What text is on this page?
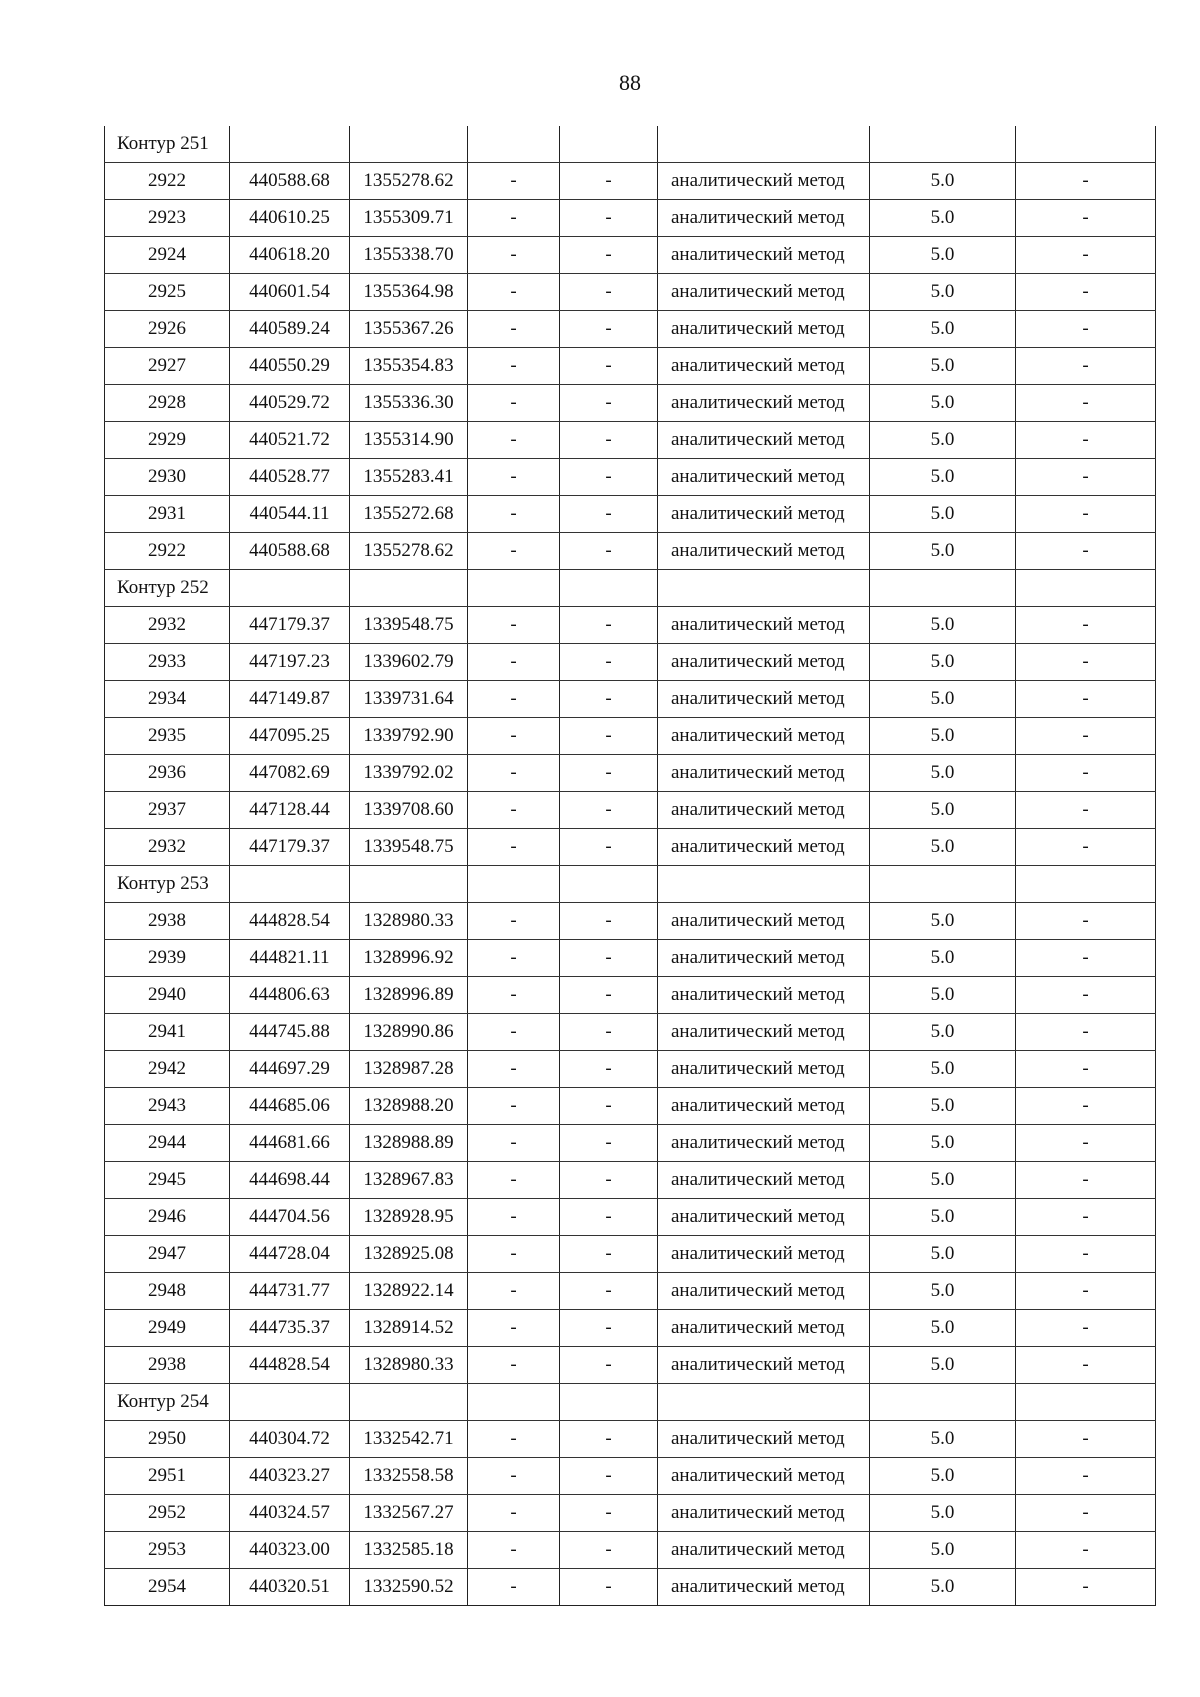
88
Контур 251							
2922	440588.68	1355278.62	-	-	аналитический метод	5.0	-
2923	440610.25	1355309.71	-	-	аналитический метод	5.0	-
2924	440618.20	1355338.70	-	-	аналитический метод	5.0	-
2925	440601.54	1355364.98	-	-	аналитический метод	5.0	-
2926	440589.24	1355367.26	-	-	аналитический метод	5.0	-
2927	440550.29	1355354.83	-	-	аналитический метод	5.0	-
2928	440529.72	1355336.30	-	-	аналитический метод	5.0	-
2929	440521.72	1355314.90	-	-	аналитический метод	5.0	-
2930	440528.77	1355283.41	-	-	аналитический метод	5.0	-
2931	440544.11	1355272.68	-	-	аналитический метод	5.0	-
2922	440588.68	1355278.62	-	-	аналитический метод	5.0	-
Контур 252							
2932	447179.37	1339548.75	-	-	аналитический метод	5.0	-
2933	447197.23	1339602.79	-	-	аналитический метод	5.0	-
2934	447149.87	1339731.64	-	-	аналитический метод	5.0	-
2935	447095.25	1339792.90	-	-	аналитический метод	5.0	-
2936	447082.69	1339792.02	-	-	аналитический метод	5.0	-
2937	447128.44	1339708.60	-	-	аналитический метод	5.0	-
2932	447179.37	1339548.75	-	-	аналитический метод	5.0	-
Контур 253							
2938	444828.54	1328980.33	-	-	аналитический метод	5.0	-
2939	444821.11	1328996.92	-	-	аналитический метод	5.0	-
2940	444806.63	1328996.89	-	-	аналитический метод	5.0	-
2941	444745.88	1328990.86	-	-	аналитический метод	5.0	-
2942	444697.29	1328987.28	-	-	аналитический метод	5.0	-
2943	444685.06	1328988.20	-	-	аналитический метод	5.0	-
2944	444681.66	1328988.89	-	-	аналитический метод	5.0	-
2945	444698.44	1328967.83	-	-	аналитический метод	5.0	-
2946	444704.56	1328928.95	-	-	аналитический метод	5.0	-
2947	444728.04	1328925.08	-	-	аналитический метод	5.0	-
2948	444731.77	1328922.14	-	-	аналитический метод	5.0	-
2949	444735.37	1328914.52	-	-	аналитический метод	5.0	-
2938	444828.54	1328980.33	-	-	аналитический метод	5.0	-
Контур 254							
2950	440304.72	1332542.71	-	-	аналитический метод	5.0	-
2951	440323.27	1332558.58	-	-	аналитический метод	5.0	-
2952	440324.57	1332567.27	-	-	аналитический метод	5.0	-
2953	440323.00	1332585.18	-	-	аналитический метод	5.0	-
2954	440320.51	1332590.52	-	-	аналитический метод	5.0	-
